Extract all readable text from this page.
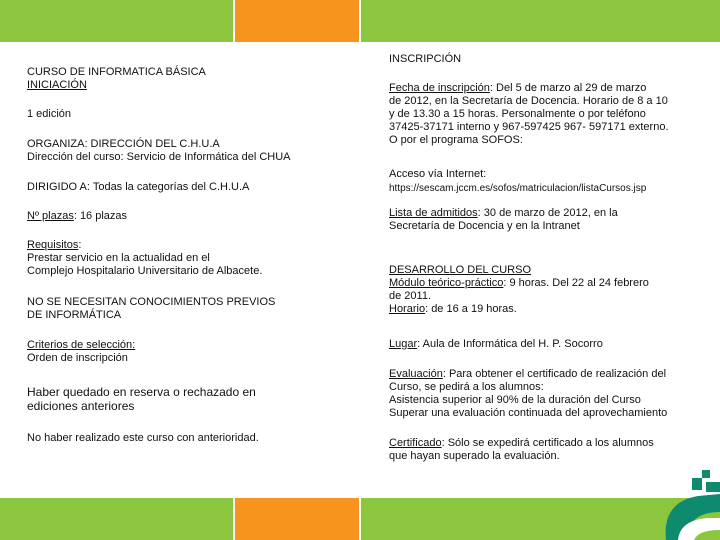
CURSO DE INFORMATICA BÁSICA

INICIACIÓN

1 edición

ORGANIZA: DIRECCIÓN DEL C.H.U.A

Dirección del curso: Servicio de Informática del CHUA

DIRIGIDO A: Todas la categorías del C.H.U.A

Nº plazas: 16 plazas

Requisitos:

Prestar servicio en la actualidad en el

Complejo Hospitalario Universitario de Albacete.

NO SE NECESITAN CONOCIMIENTOS PREVIOS

DE INFORMÁTICA

Criterios de selección:

Orden de inscripción

Haber quedado en reserva o rechazado en

ediciones anteriores

No haber realizado este curso con anterioridad.

INSCRIPCIÓN

Fecha de inscripción: Del 5 de marzo al 29 de marzo

de 2012, en la Secretaría de Docencia. Horario de 8 a 10

y de 13.30 a 15 horas. Personalmente o por teléfono

37425-37171 interno y 967-597425 967- 597171 externo.

O por el programa SOFOS:

Acceso vía Internet:

https://sescam.jccm.es/sofos/matriculacion/listaCursos.jsp

Lista de admitidos: 30 de marzo de 2012, en la

Secretaría de Docencia y en la Intranet

DESARROLLO DEL CURSO

Módulo teórico-práctico: 9 horas. Del 22 al 24 febrero

de 2011.

Horario: de 16 a 19 horas.

Lugar: Aula de Informática del H. P. Socorro

Evaluación: Para obtener el certificado de realización del

Curso, se pedirá a los alumnos:

Asistencia superior al 90% de la duración del Curso

Superar una evaluación continuada del aprovechamiento

Certificado: Sólo se expedirá certificado a los alumnos

que hayan superado la evaluación.
